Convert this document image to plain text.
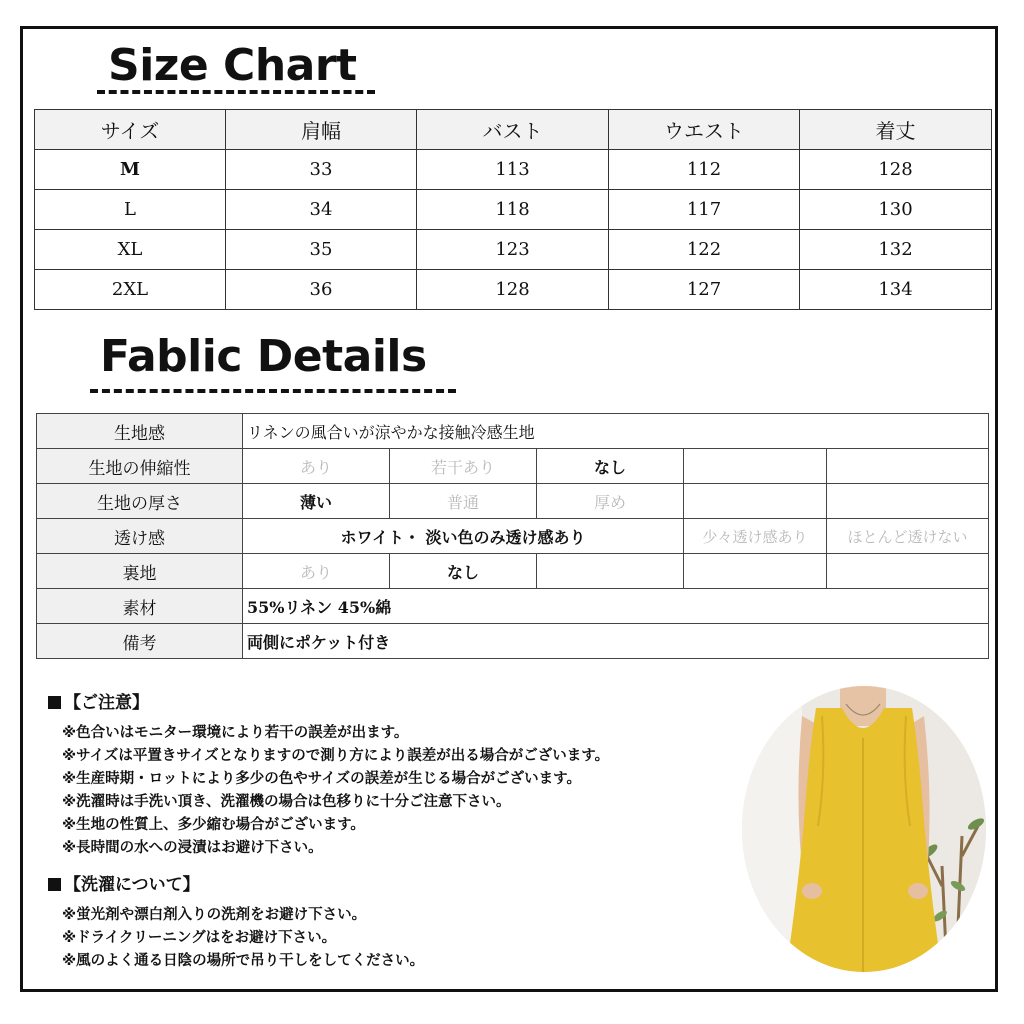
Size Chart
サイズ	肩幅	バスト	ウエスト	着丈
M	33	113	112	128
L	34	118	117	130
XL	35	123	122	132
2XL	36	128	127	134
Fablic Details
生地感	リネンの風合いが涼やかな接触冷感生地				
生地の伸縮性	あり	若干あり	なし		
生地の厚さ	薄い	普通	厚め		
透け感	ホワイト・ 淡い色のみ透け感あり			少々透け感あり	ほとんど透けない
裏地	あり	なし			
素材	55%リネン 45%綿				
備考	両側にポケット付き				
【ご注意】
※色合いはモニター環境により若干の誤差が出ます。
※サイズは平置きサイズとなりますので測り方により誤差が出る場合がございます。
※生産時期・ロットにより多少の色やサイズの誤差が生じる場合がございます。
※洗濯時は手洗い頂き、洗濯機の場合は色移りに十分ご注意下さい。
※生地の性質上、多少縮む場合がございます。
※長時間の水への浸漬はお避け下さい。
【洗濯について】
※蛍光剤や漂白剤入りの洗剤をお避け下さい。
※ドライクリーニングはをお避け下さい。
※風のよく通る日陰の場所で吊り干しをしてください。
